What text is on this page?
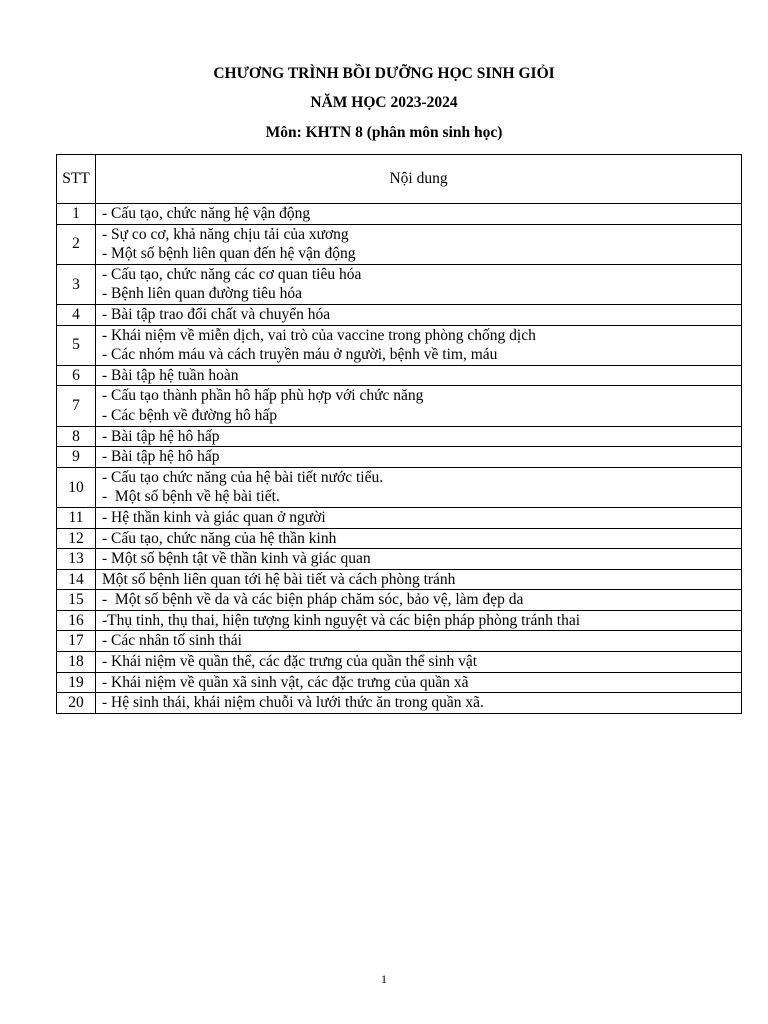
CHƯƠNG TRÌNH BỒI DƯỠNG HỌC SINH GIỎI
NĂM HỌC 2023-2024
Môn: KHTN 8 (phân môn sinh học)
STT	Nội dung
1	- Cấu tạo, chức năng hệ vận động

2	- Sự co cơ, khả năng chịu tải của xương
- Một số bệnh liên quan đến hệ vận động

3	- Cấu tạo, chức năng các cơ quan tiêu hóa
- Bệnh liên quan đường tiêu hóa

4	- Bài tập trao đổi chất và chuyển hóa

5	- Khái niệm về miễn dịch, vai trò của vaccine trong phòng chống dịch
- Các nhóm máu và cách truyền máu ở người, bệnh về tim, máu

6	- Bài tập hệ tuần hoàn

7	- Cấu tạo thành phần hô hấp phù hợp với chức năng
- Các bệnh về đường hô hấp

8	- Bài tập hệ hô hấp

9	- Bài tập hệ hô hấp

10	- Cấu tạo chức năng của hệ bài tiết nước tiểu.
-  Một số bệnh về hệ bài tiết.

11	- Hệ thần kinh và giác quan ở người

12	- Cấu tạo, chức năng của hệ thần kinh

13	- Một số bệnh tật về thần kinh và giác quan

14	Một số bệnh liên quan tới hệ bài tiết và cách phòng tránh

15	-  Một số bệnh về da và các biện pháp chăm sóc, bảo vệ, làm đẹp da

16	-Thụ tinh, thụ thai, hiện tượng kinh nguyệt và các biện pháp phòng tránh thai

17	- Các nhân tố sinh thái

18	- Khái niệm về quần thể, các đặc trưng của quần thể sinh vật

19	- Khái niệm về quần xã sinh vật, các đặc trưng của quần xã

20	- Hệ sinh thái, khái niệm chuỗi và lưới thức ăn trong quần xã.
1
